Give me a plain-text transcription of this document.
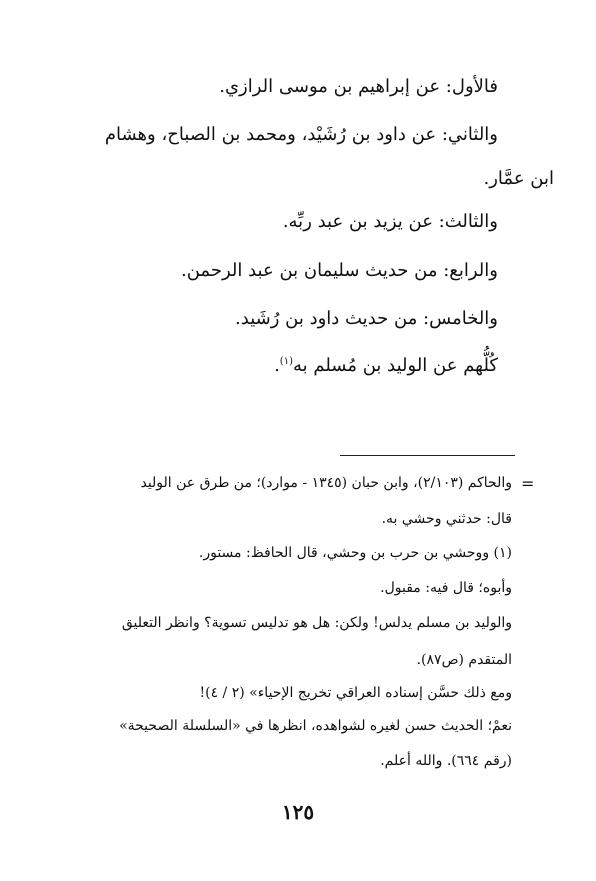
فالأول: عن إبراهيم بن موسى الرازي.
والثاني: عن داود بن رُشَيْد، ومحمد بن الصباح، وهشام
ابن عمَّار.
والثالث: عن يزيد بن عبد ربِّه.
والرابع: من حديث سليمان بن عبد الرحمن.
والخامس: من حديث داود بن رُشَيد.
كُلُّهم عن الوليد بن مُسلم به$^{(١)}$.
=
والحاكم (٢/١٠٣)، وابن حبان (١٣٤٥ - موارد)؛ من طرق عن الوليد
قال: حدثني وحشي به.
(١) ووحشي بن حرب بن وحشي، قال الحافظ: مستور.
وأبوه؛ قال فيه: مقبول.
والوليد بن مسلم يدلس! ولكن: هل هو تدليس تسوية؟ وانظر التعليق
المتقدم (ص٨٧).
ومع ذلك حسَّن إسناده العراقي تخريج الإحياء» (٢ / ٤)!
نعمْ؛ الحديث حسن لغيره لشواهده، انظرها في «السلسلة الصحيحة»
(رقم ٦٦٤). والله أعلم.
١٢٥
